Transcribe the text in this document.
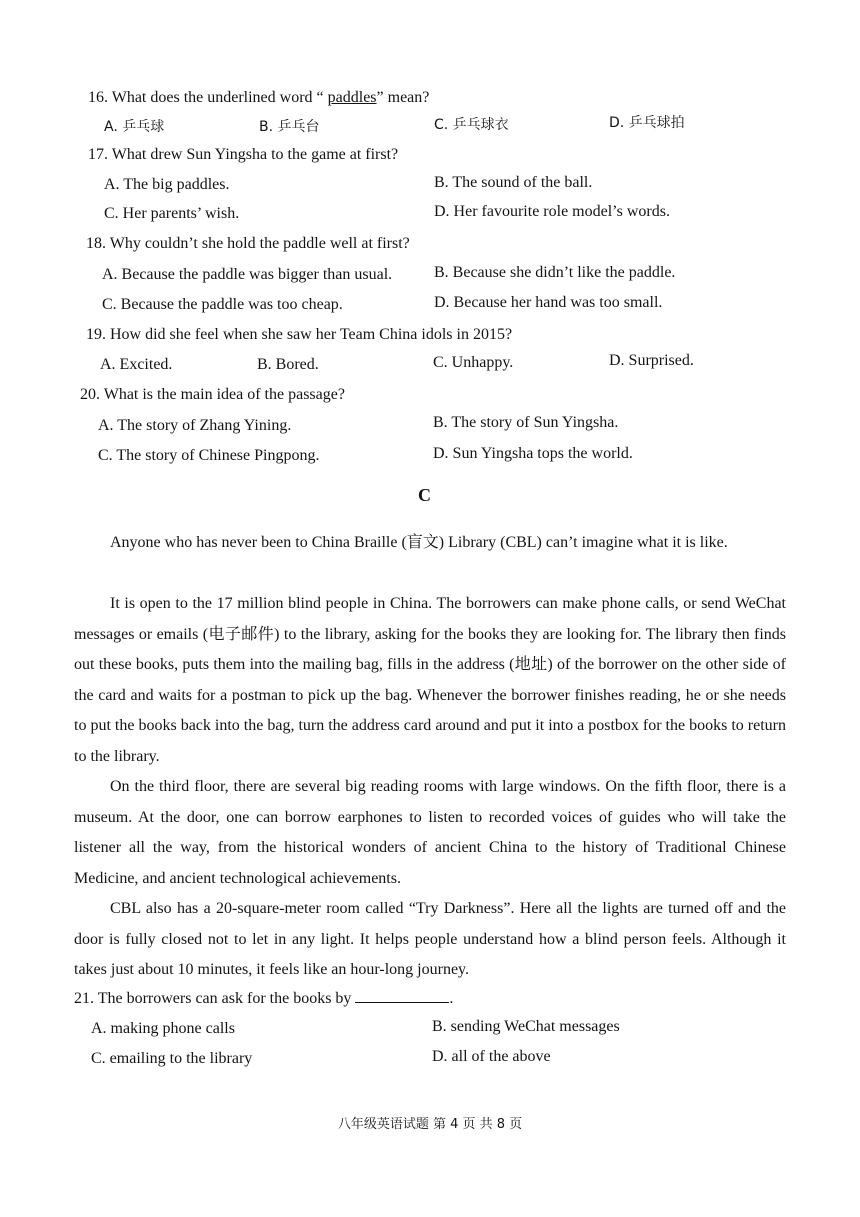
16. What does the underlined word “ paddles” mean?
A. 乒乓球	B. 乒乓台	C. 乒乓球衣	D. 乒乓球拍
17. What drew Sun Yingsha to the game at first?
A. The big paddles.	B. The sound of the ball.
C. Her parents’ wish.	D. Her favourite role model’s words.
18. Why couldn’t she hold the paddle well at first?
A. Because the paddle was bigger than usual.	B. Because she didn’t like the paddle.
C. Because the paddle was too cheap.	D. Because her hand was too small.
19. How did she feel when she saw her Team China idols in 2015?
A. Excited.	B. Bored.	C. Unhappy.	D. Surprised.
20. What is the main idea of the passage?
A. The story of Zhang Yining.	B. The story of Sun Yingsha.
C. The story of Chinese Pingpong.	D. Sun Yingsha tops the world.
C
Anyone who has never been to China Braille (盲文) Library (CBL) can’t imagine what it is like.
It is open to the 17 million blind people in China. The borrowers can make phone calls, or send WeChat messages or emails (电子邮件) to the library, asking for the books they are looking for. The library then finds out these books, puts them into the mailing bag, fills in the address (地址) of the borrower on the other side of the card and waits for a postman to pick up the bag. Whenever the borrower finishes reading, he or she needs to put the books back into the bag, turn the address card around and put it into a postbox for the books to return to the library.
On the third floor, there are several big reading rooms with large windows. On the fifth floor, there is a museum. At the door, one can borrow earphones to listen to recorded voices of guides who will take the listener all the way, from the historical wonders of ancient China to the history of Traditional Chinese Medicine, and ancient technological achievements.
CBL also has a 20-square-meter room called “Try Darkness”. Here all the lights are turned off and the door is fully closed not to let in any light. It helps people understand how a blind person feels. Although it takes just about 10 minutes, it feels like an hour-long journey.
21. The borrowers can ask for the books by	.
A. making phone calls	B. sending WeChat messages
C. emailing to the library	D. all of the above
八年级英语试题 第 4 页 共 8 页
